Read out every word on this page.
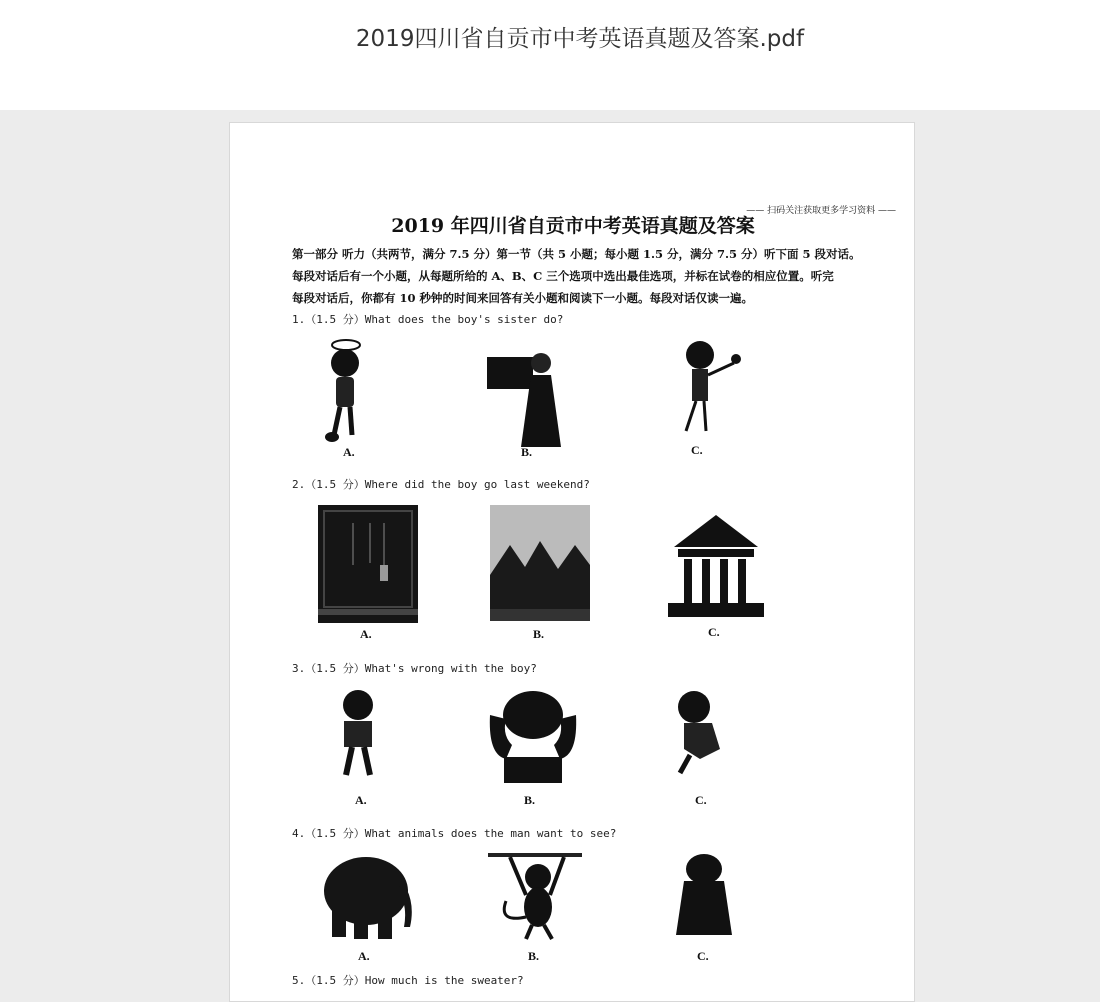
2019四川省自贡市中考英语真题及答案.pdf
—— 扫码关注获取更多学习资料 ——
2019 年四川省自贡市中考英语真题及答案
第一部分 听力（共两节，满分 7.5 分）第一节（共 5 小题；每小题 1.5 分，满分 7.5 分）听下面 5 段对话。
每段对话后有一个小题，从每题所给的 A、B、C 三个选项中选出最佳选项，并标在试卷的相应位置。听完
每段对话后，你都有 10 秒钟的时间来回答有关小题和阅读下一小题。每段对话仅读一遍。
1.（1.5 分）What does the boy's sister do?
A.	B.	C.
2.（1.5 分）Where did the boy go last weekend?
A.	B.	C.
3.（1.5 分）What's wrong with the boy?
A.	B.	C.
4.（1.5 分）What animals does the man want to see?
A.	B.	C.
5.（1.5 分）How much is the sweater?
